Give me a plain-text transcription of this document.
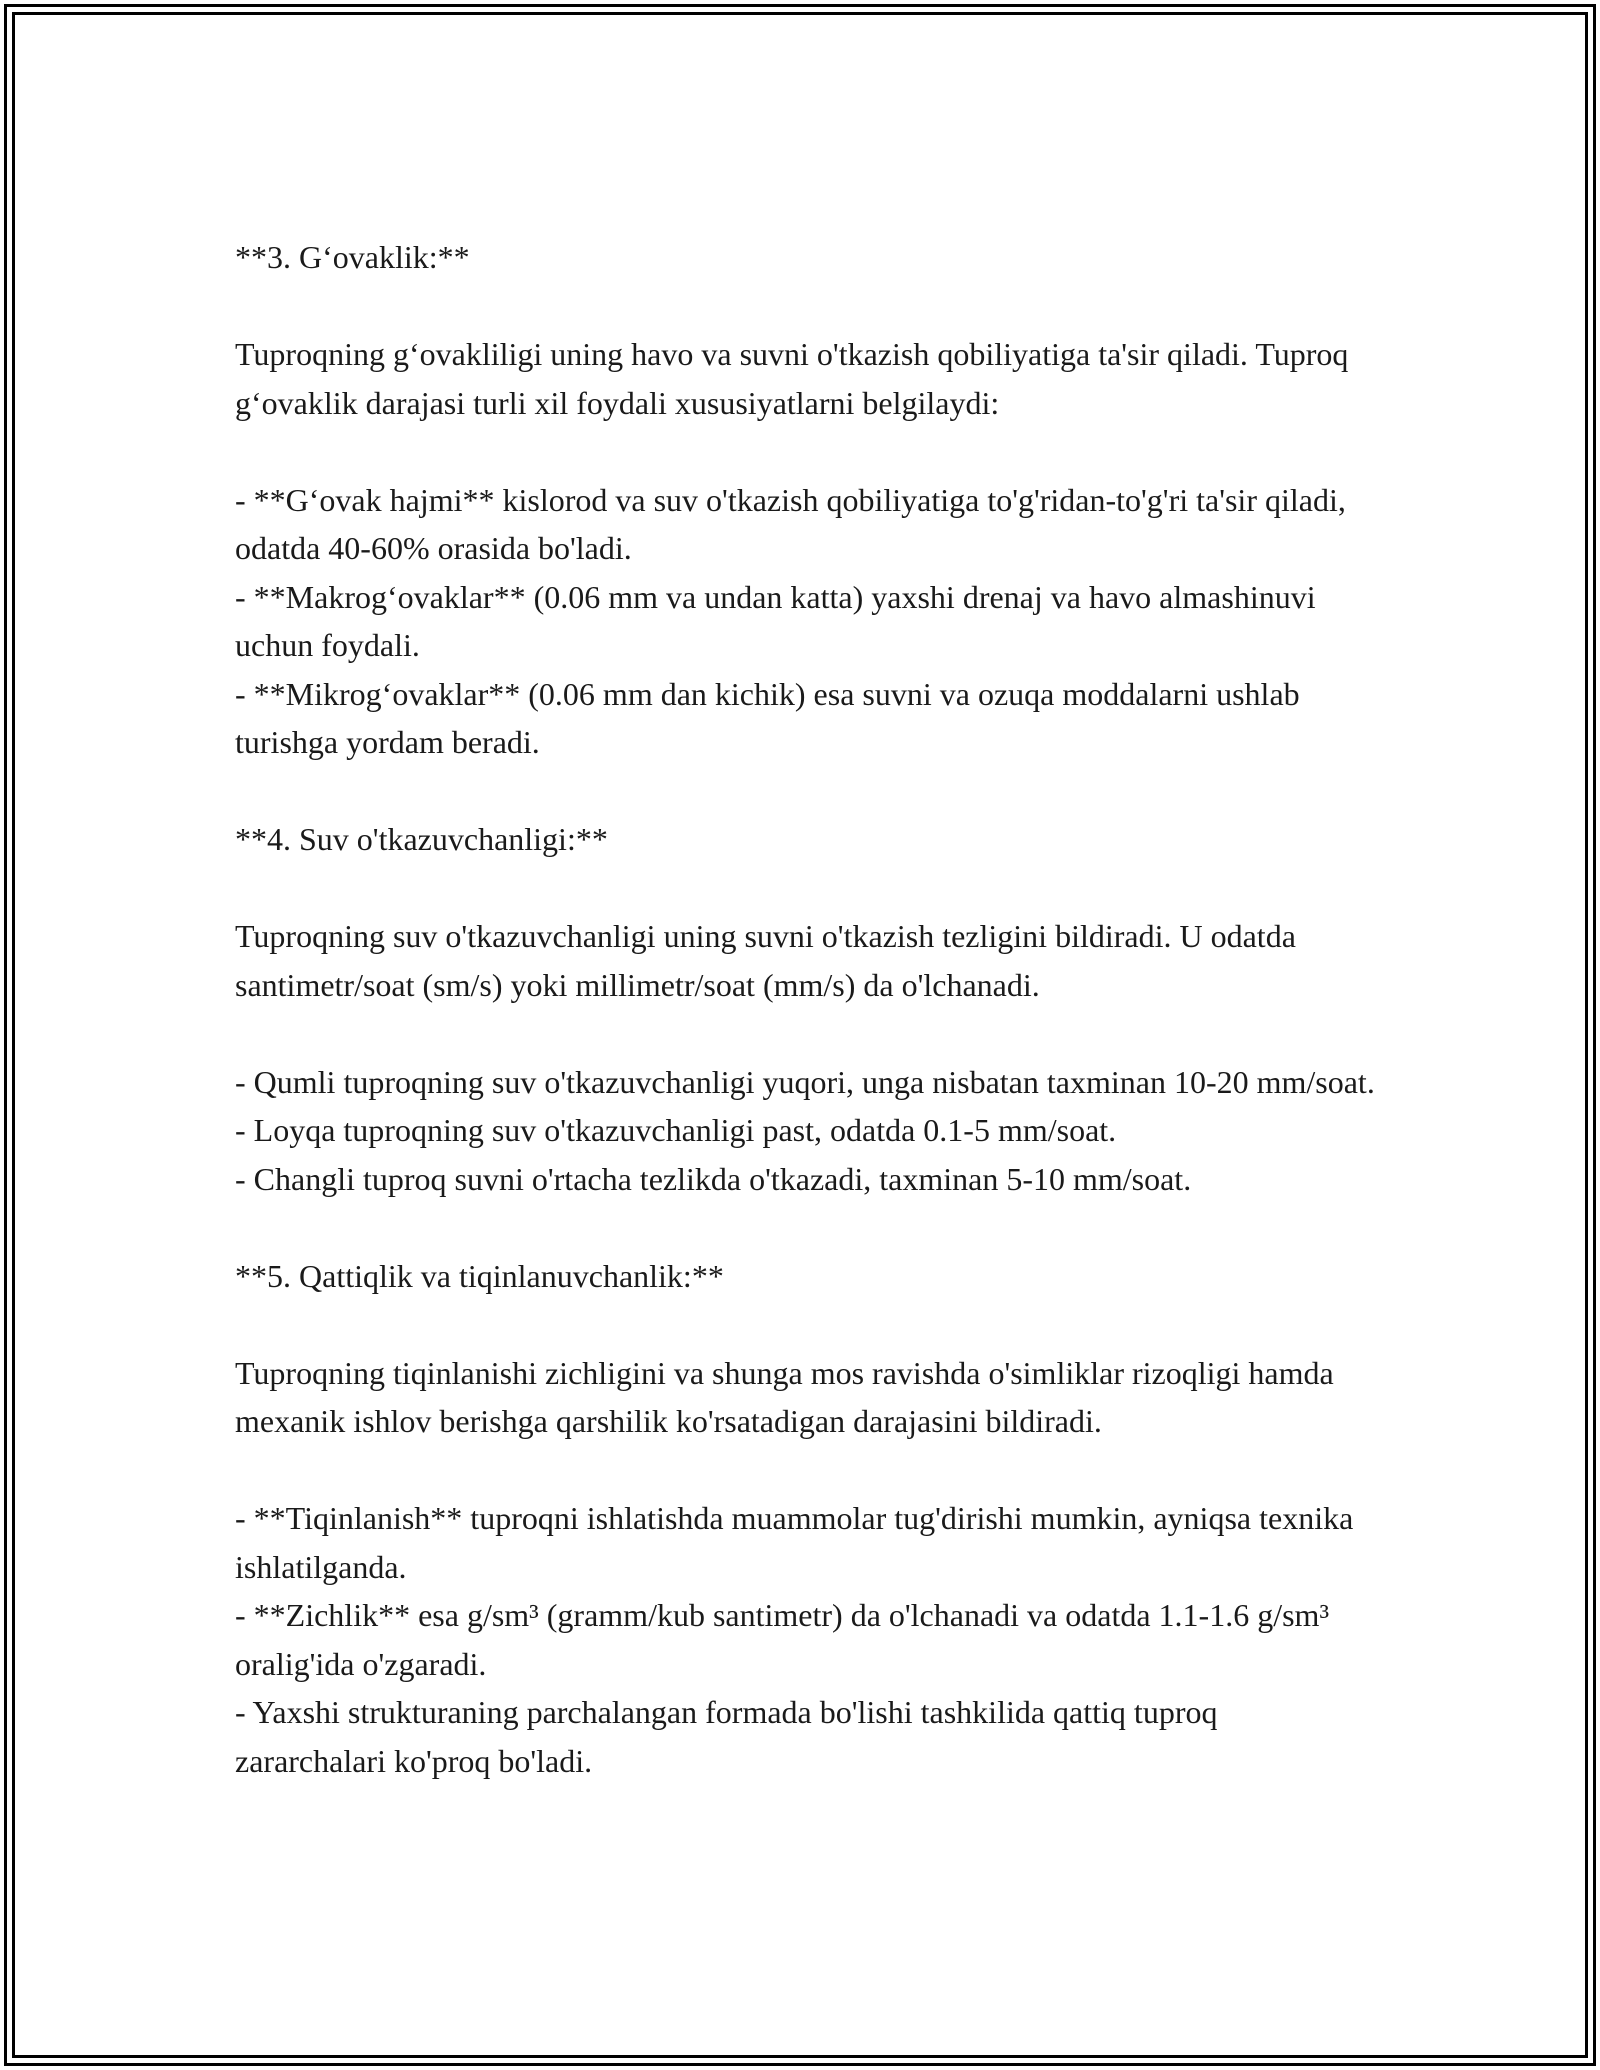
**3. G‘ovaklik:**

Tuproqning g‘ovakliligi uning havo va suvni o'tkazish qobiliyatiga ta'sir qiladi. Tuproq g‘ovaklik darajasi turli xil foydali xususiyatlarni belgilaydi:

- **G‘ovak hajmi** kislorod va suv o'tkazish qobiliyatiga to'g'ridan-to'g'ri ta'sir qiladi, odatda 40-60% orasida bo'ladi.
- **Makrog‘ovaklar** (0.06 mm va undan katta) yaxshi drenaj va havo almashinuvi uchun foydali.
- **Mikrog‘ovaklar** (0.06 mm dan kichik) esa suvni va ozuqa moddalarni ushlab turishga yordam beradi.

**4. Suv o'tkazuvchanligi:**

Tuproqning suv o'tkazuvchanligi uning suvni o'tkazish tezligini bildiradi. U odatda santimetr/soat (sm/s) yoki millimetr/soat (mm/s) da o'lchanadi.

- Qumli tuproqning suv o'tkazuvchanligi yuqori, unga nisbatan taxminan 10-20 mm/soat.
- Loyqa tuproqning suv o'tkazuvchanligi past, odatda 0.1-5 mm/soat.
- Changli tuproq suvni o'rtacha tezlikda o'tkazadi, taxminan 5-10 mm/soat.

**5. Qattiqlik va tiqinlanuvchanlik:**

Tuproqning tiqinlanishi zichligini va shunga mos ravishda o'simliklar rizoqligi hamda mexanik ishlov berishga qarshilik ko'rsatadigan darajasini bildiradi.

- **Tiqinlanish** tuproqni ishlatishda muammolar tug'dirishi mumkin, ayniqsa texnika ishlatilganda.
- **Zichlik** esa g/sm³ (gramm/kub santimetr) da o'lchanadi va odatda 1.1-1.6 g/sm³ oralig'ida o'zgaradi.
- Yaxshi strukturaning parchalangan formada bo'lishi tashkilida qattiq tuproq zararchalari ko'proq bo'ladi.
